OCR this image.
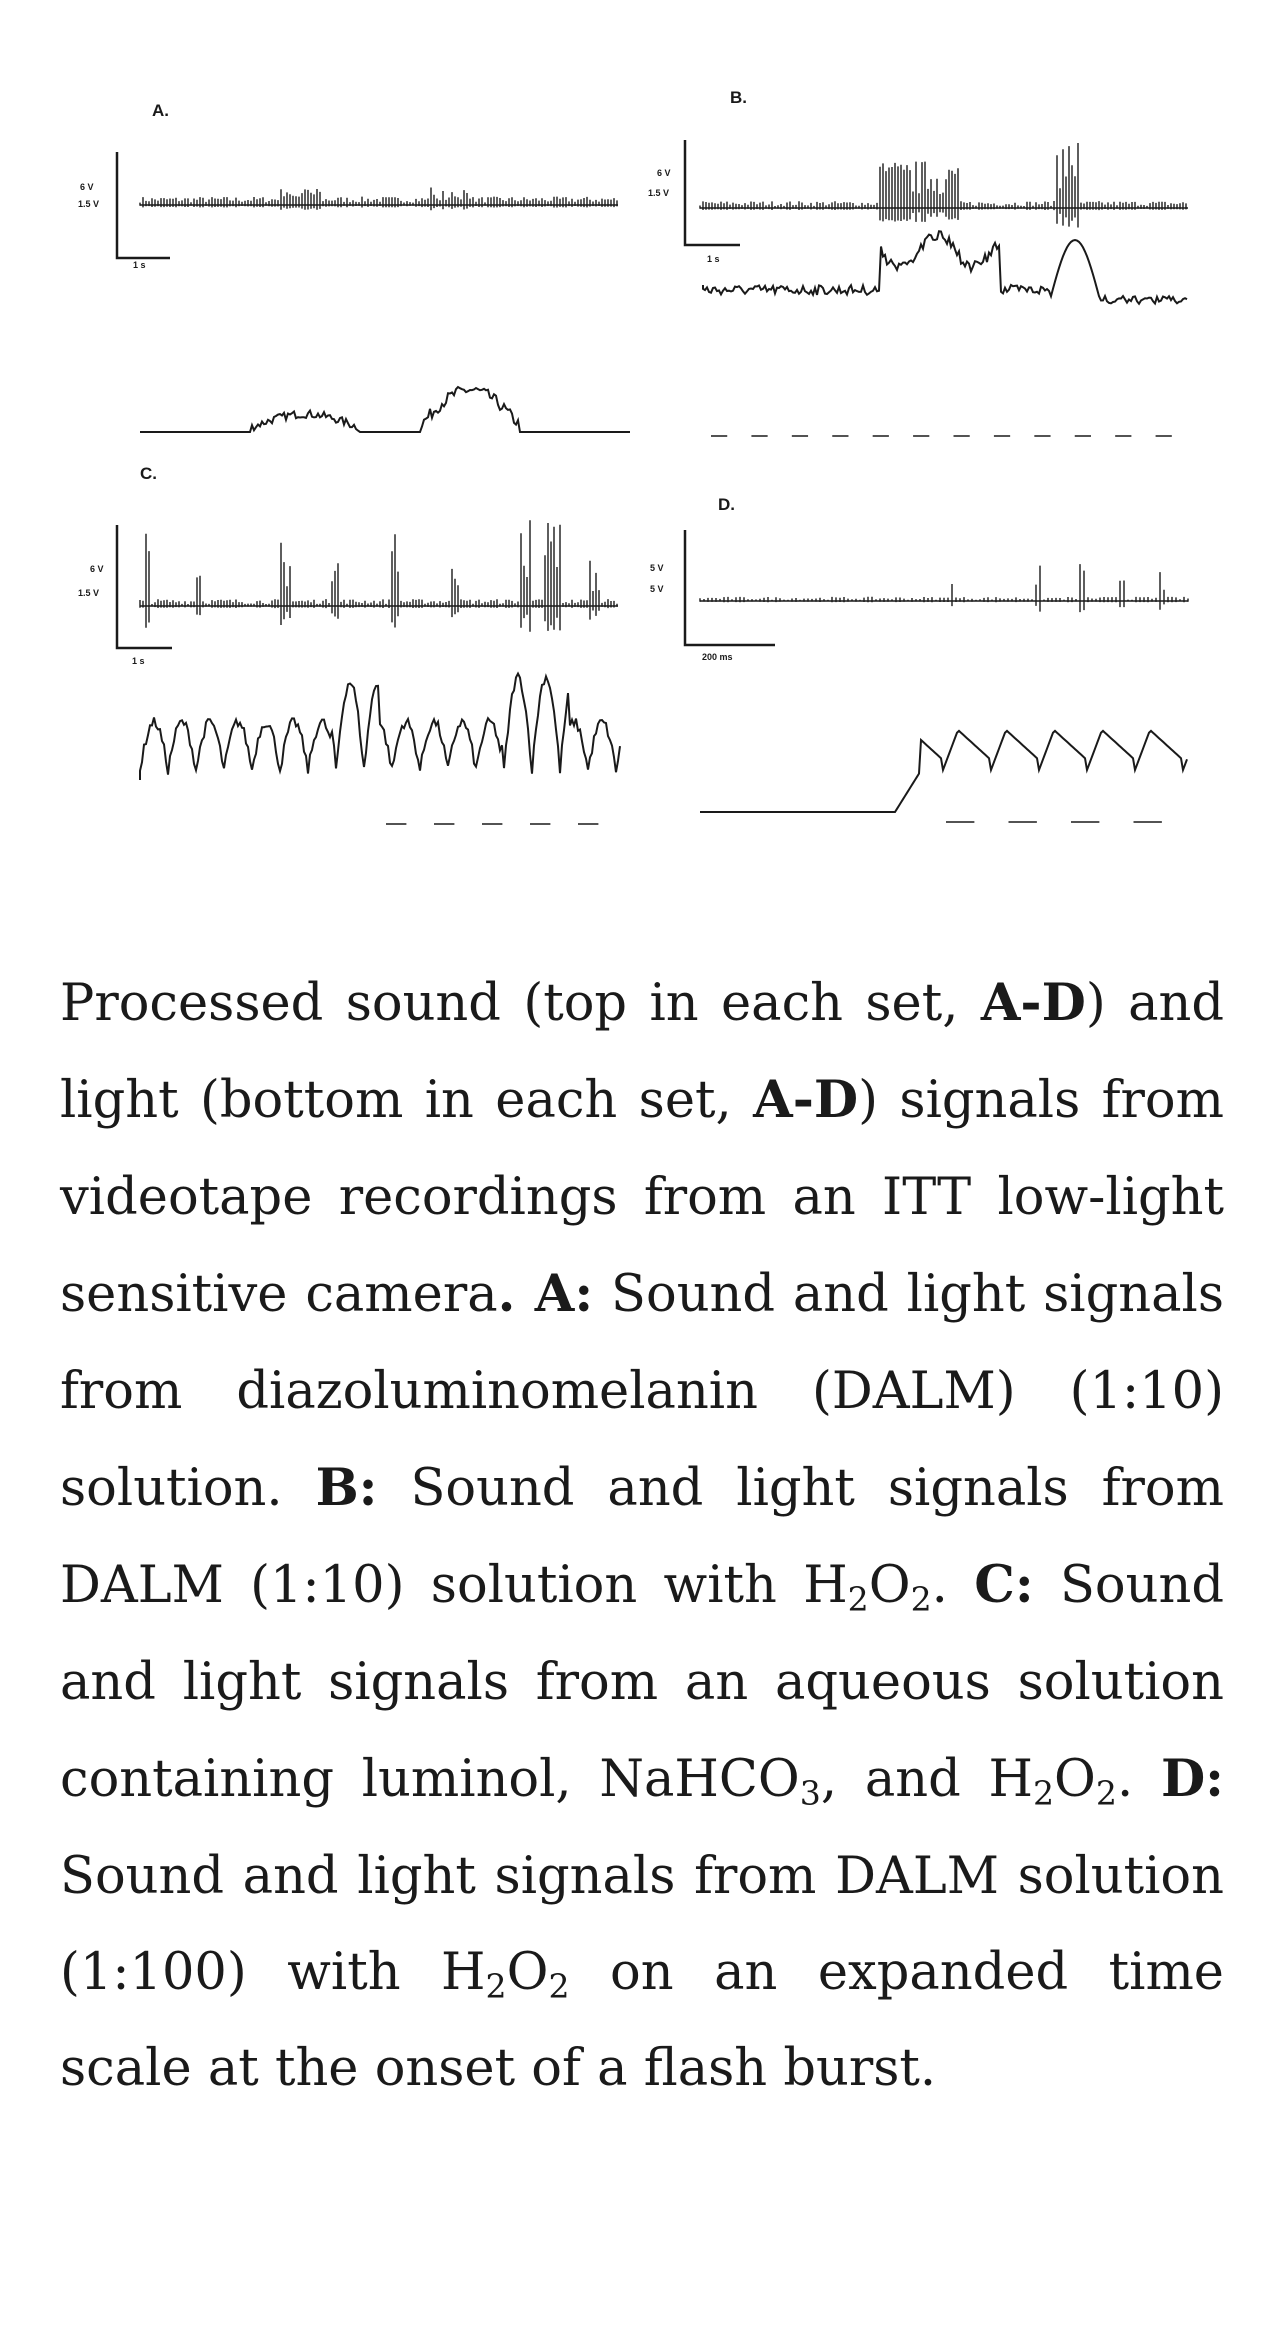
A.
6 V
1.5 V
1 s
B.
6 V
1.5 V
1 s
C.
6 V
1.5 V
1 s
D.
5 V
5 V
200 ms

Processed sound (top in each set, A-D) and light (bottom in each set, A-D) signals from videotape recordings from an ITT low-light sensitive camera. A: Sound and light signals from diazoluminomelanin (DALM) (1:10) solution. B: Sound and light signals from DALM (1:10) solution with $H_2O_2$. C: Sound and light signals from an aqueous solution containing luminol, NaHCO$_3$, and $H_2O_2$. D: Sound and light signals from DALM solution (1:100) with $H_2O_2$ on an expanded time scale at the onset of a flash burst.
